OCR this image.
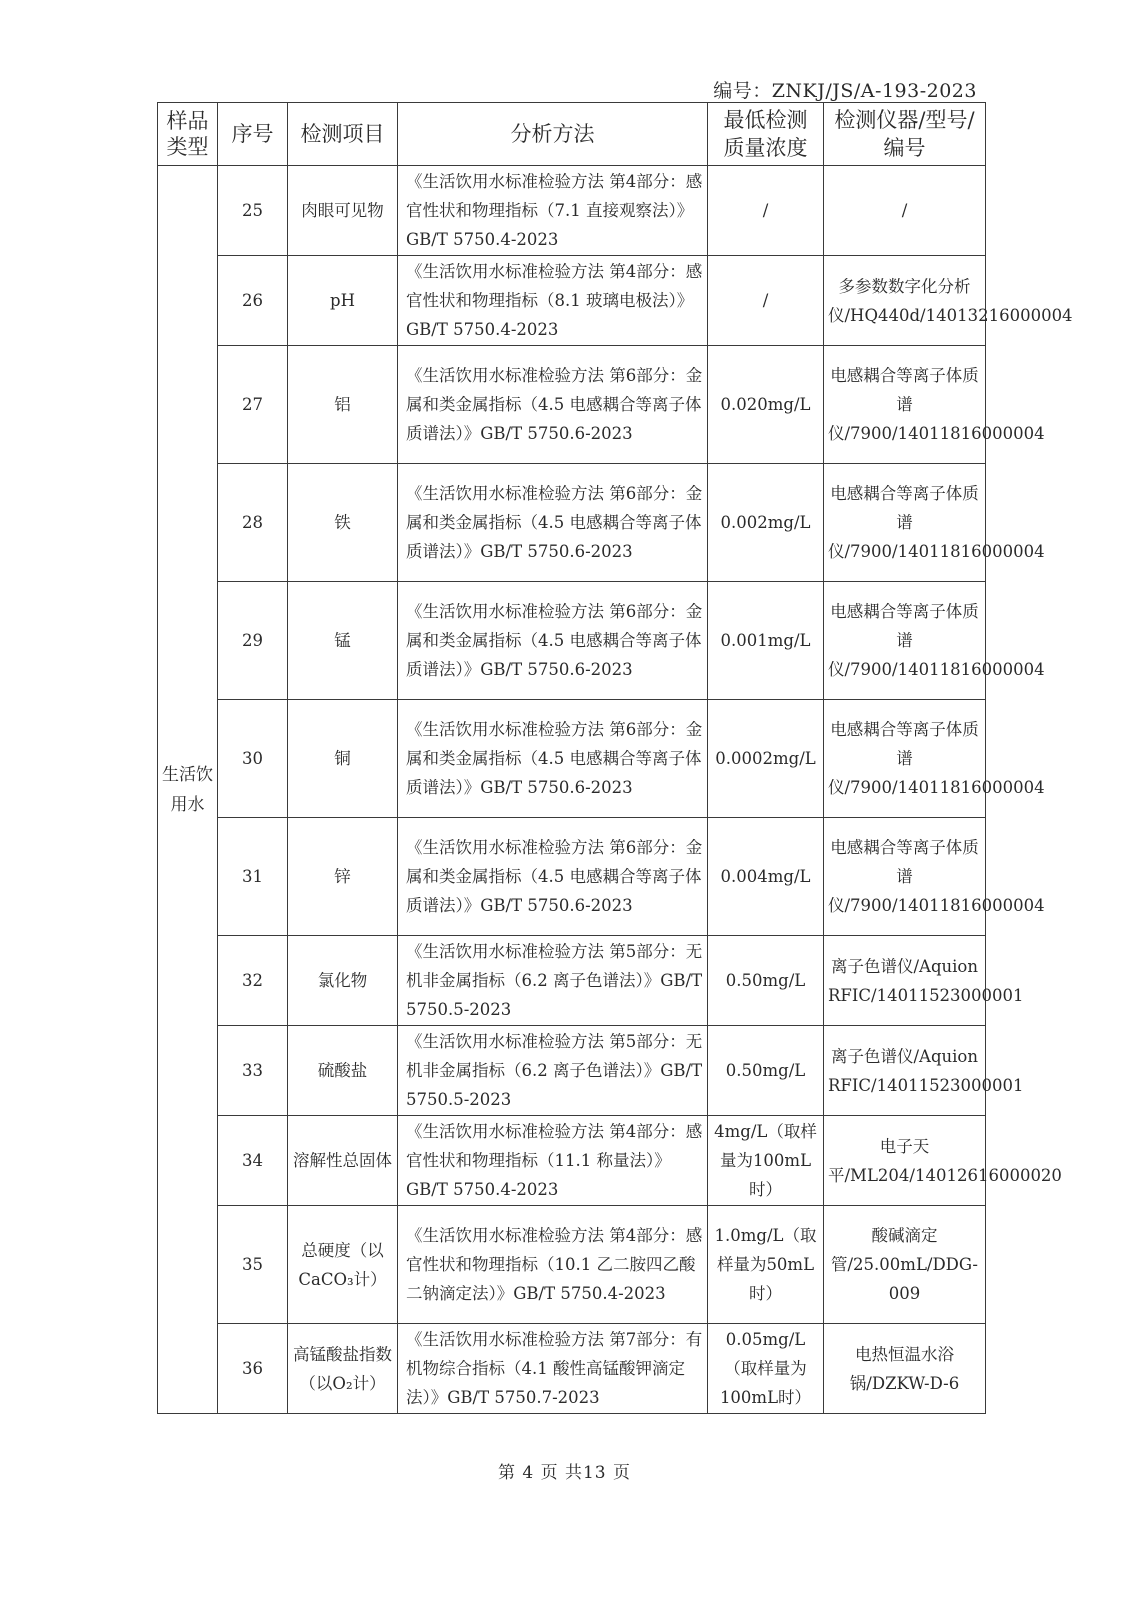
编号：ZNKJ/JS/A-193-2023
样品类型	序号	检测项目	分析方法	最低检测质量浓度	检测仪器/型号/编号
生活饮用水	25	肉眼可见物	《生活饮用水标准检验方法 第4部分：感官性状和物理指标（7.1 直接观察法）》GB/T 5750.4-2023	/	/
	26	pH	《生活饮用水标准检验方法 第4部分：感官性状和物理指标（8.1 玻璃电极法）》GB/T 5750.4-2023	/	多参数数字化分析仪/HQ440d/14013216000004
	27	铝	《生活饮用水标准检验方法 第6部分：金属和类金属指标（4.5 电感耦合等离子体质谱法）》GB/T 5750.6-2023	0.020mg/L	电感耦合等离子体质谱仪/7900/14011816000004
	28	铁	《生活饮用水标准检验方法 第6部分：金属和类金属指标（4.5 电感耦合等离子体质谱法）》GB/T 5750.6-2023	0.002mg/L	电感耦合等离子体质谱仪/7900/14011816000004
	29	锰	《生活饮用水标准检验方法 第6部分：金属和类金属指标（4.5 电感耦合等离子体质谱法）》GB/T 5750.6-2023	0.001mg/L	电感耦合等离子体质谱仪/7900/14011816000004
	30	铜	《生活饮用水标准检验方法 第6部分：金属和类金属指标（4.5 电感耦合等离子体质谱法）》GB/T 5750.6-2023	0.0002mg/L	电感耦合等离子体质谱仪/7900/14011816000004
	31	锌	《生活饮用水标准检验方法 第6部分：金属和类金属指标（4.5 电感耦合等离子体质谱法）》GB/T 5750.6-2023	0.004mg/L	电感耦合等离子体质谱仪/7900/14011816000004
	32	氯化物	《生活饮用水标准检验方法 第5部分：无机非金属指标（6.2 离子色谱法）》GB/T 5750.5-2023	0.50mg/L	离子色谱仪/Aquion RFIC/14011523000001
	33	硫酸盐	《生活饮用水标准检验方法 第5部分：无机非金属指标（6.2 离子色谱法）》GB/T 5750.5-2023	0.50mg/L	离子色谱仪/Aquion RFIC/14011523000001
	34	溶解性总固体	《生活饮用水标准检验方法 第4部分：感官性状和物理指标（11.1 称量法）》GB/T 5750.4-2023	4mg/L（取样量为100mL时）	电子天平/ML204/14012616000020
	35	总硬度（以CaCO₃计）	《生活饮用水标准检验方法 第4部分：感官性状和物理指标（10.1 乙二胺四乙酸二钠滴定法）》GB/T 5750.4-2023	1.0mg/L（取样量为50mL时）	酸碱滴定管/25.00mL/DDG-009
	36	高锰酸盐指数（以O₂计）	《生活饮用水标准检验方法 第7部分：有机物综合指标（4.1 酸性高锰酸钾滴定法）》GB/T 5750.7-2023	0.05mg/L（取样量为100mL时）	电热恒温水浴锅/DZKW-D-6
第 4 页 共13 页
